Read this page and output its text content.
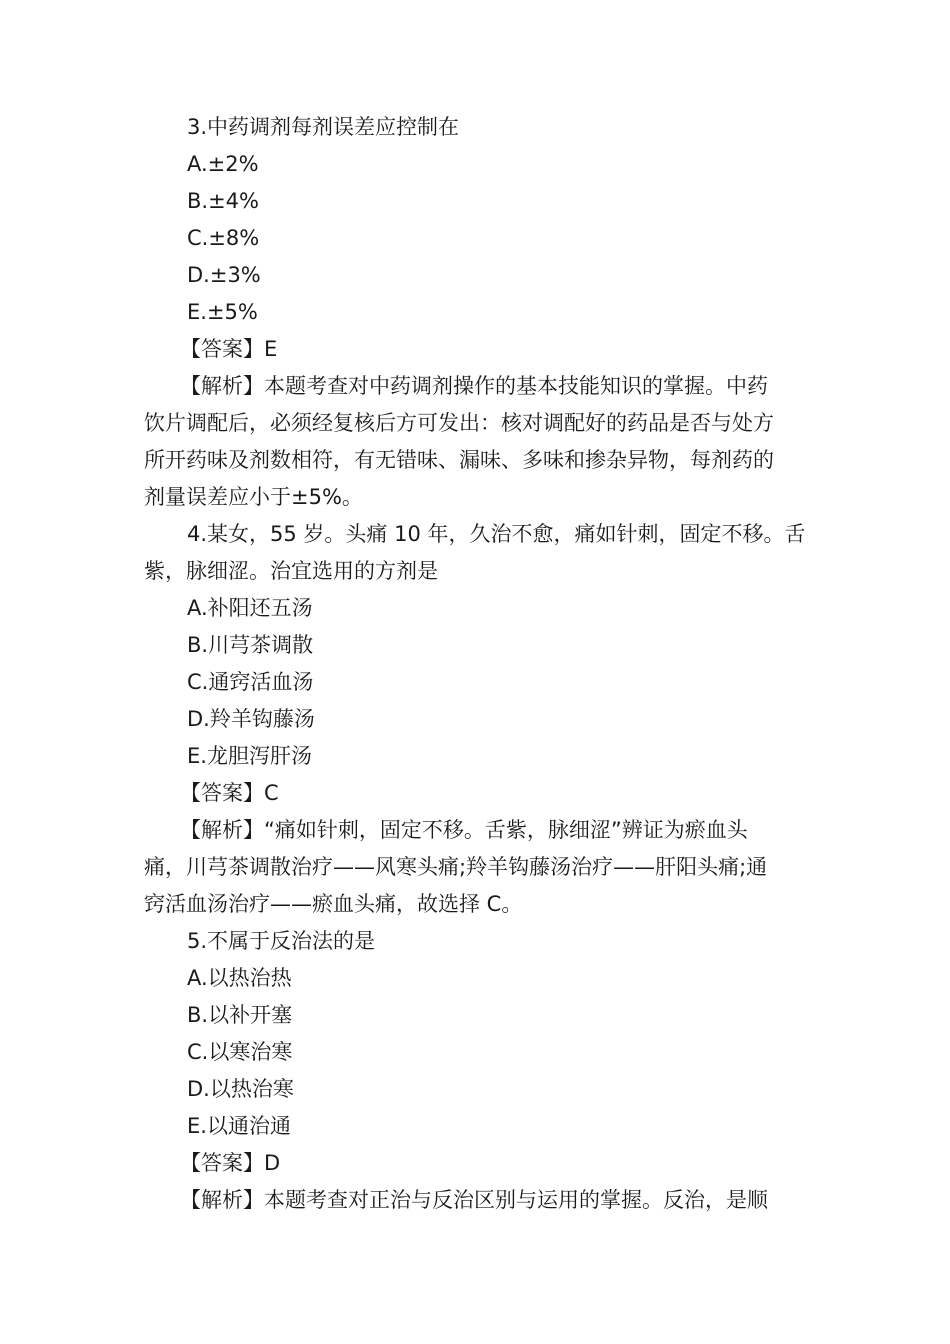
3.中药调剂每剂误差应控制在
A.±2%
B.±4%
C.±8%
D.±3%
E.±5%
【答案】E
【解析】本题考查对中药调剂操作的基本技能知识的掌握。中药
饮片调配后，必须经复核后方可发出：核对调配好的药品是否与处方
所开药味及剂数相符，有无错味、漏味、多味和掺杂异物，每剂药的
剂量误差应小于±5%。
4.某女，55 岁。头痛 10 年，久治不愈，痛如针刺，固定不移。舌
紫，脉细涩。治宜选用的方剂是
A.补阳还五汤
B.川芎茶调散
C.通窍活血汤
D.羚羊钩藤汤
E.龙胆泻肝汤
【答案】C
【解析】“痛如针刺，固定不移。舌紫，脉细涩”辨证为瘀血头
痛，川芎茶调散治疗——风寒头痛;羚羊钩藤汤治疗——肝阳头痛;通
窍活血汤治疗——瘀血头痛，故选择 C。
5.不属于反治法的是
A.以热治热
B.以补开塞
C.以寒治寒
D.以热治寒
E.以通治通
【答案】D
【解析】本题考查对正治与反治区别与运用的掌握。反治，是顺
